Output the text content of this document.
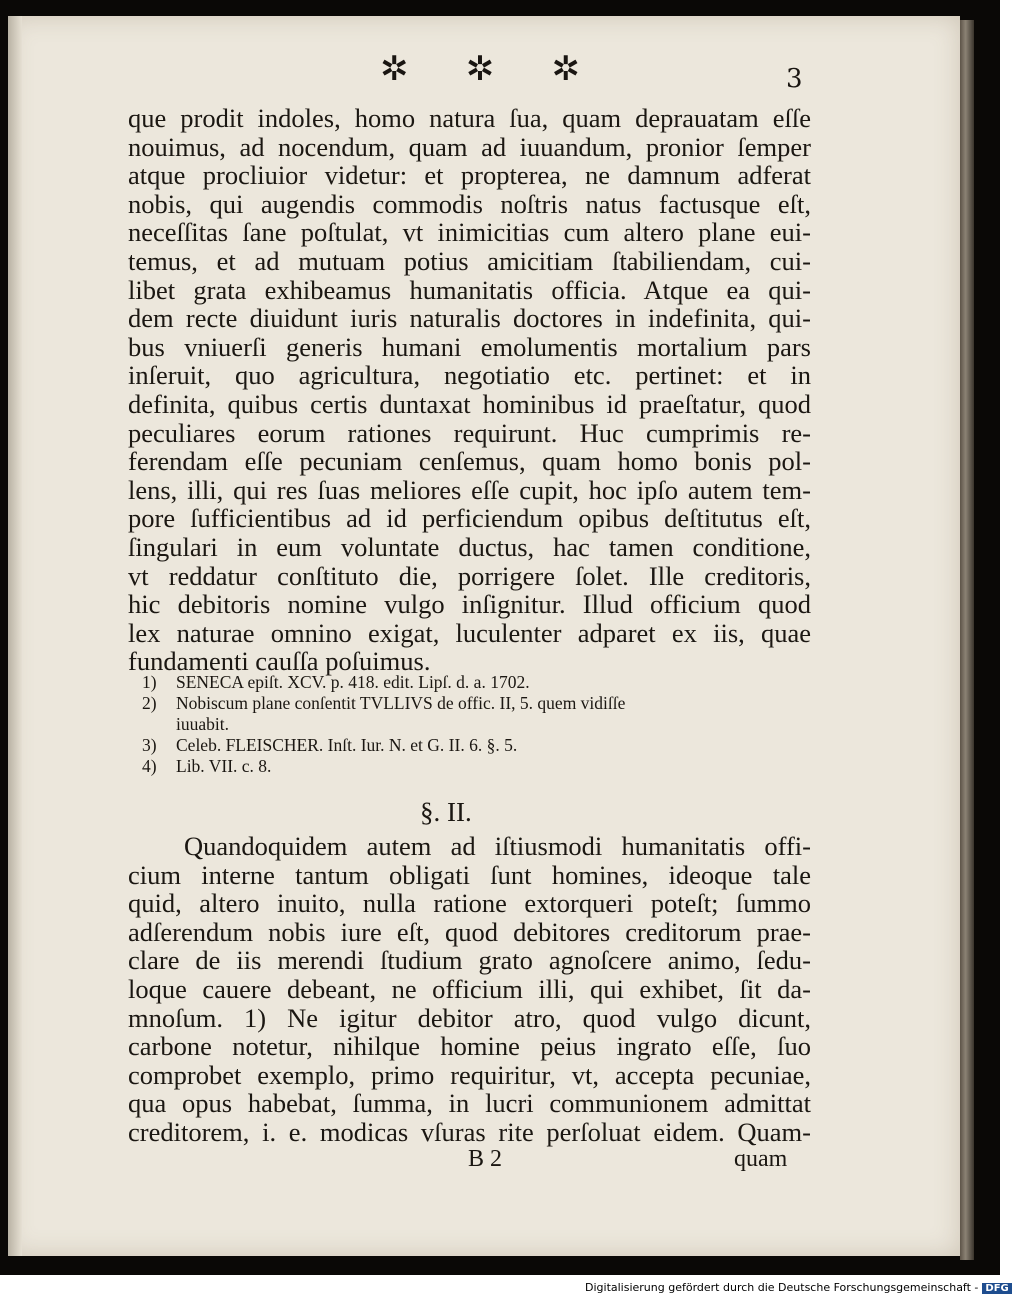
✲ ✲ ✲	3
que prodit indoles, homo natura ſua, quam deprauatam eſſe
nouimus, ad nocendum, quam ad iuuandum, pronior ſemper
atque procliuior videtur: et propterea, ne damnum adferat
nobis, qui augendis commodis noſtris natus factusque eſt,
neceſſitas ſane poſtulat, vt inimicitias cum altero plane eui-
temus, et ad mutuam potius amicitiam ſtabiliendam, cui-
libet grata exhibeamus humanitatis officia. Atque ea qui-
dem recte diuidunt iuris naturalis doctores in indefinita, qui-
bus vniuerſi generis humani emolumentis mortalium pars
inſeruit, quo agricultura, negotiatio etc. pertinet: et in
definita, quibus certis duntaxat hominibus id praeſtatur, quod
peculiares eorum rationes requirunt. Huc cumprimis re-
ferendam eſſe pecuniam cenſemus, quam homo bonis pol-
lens, illi, qui res ſuas meliores eſſe cupit, hoc ipſo autem tem-
pore ſufficientibus ad id perficiendum opibus deſtitutus eſt,
ſingulari in eum voluntate ductus, hac tamen conditione,
vt reddatur conſtituto die, porrigere ſolet. Ille creditoris,
hic debitoris nomine vulgo inſignitur. Illud officium quod
lex naturae omnino exigat, luculenter adparet ex iis, quae
fundamenti cauſſa poſuimus.
1) SENECA epiſt. XCV. p. 418. edit. Lipſ. d. a. 1702.
2) Nobiscum plane conſentit TVLLIVS de offic. II, 5. quem vidiſſe
iuuabit.
3) Celeb. FLEISCHER. Inſt. Iur. N. et G. II. 6. §. 5.
4) Lib. VII. c. 8.
§. II.
Quandoquidem autem ad iſtiusmodi humanitatis offi-
cium interne tantum obligati ſunt homines, ideoque tale
quid, altero inuito, nulla ratione extorqueri poteſt; ſummo
adſerendum nobis iure eſt, quod debitores creditorum prae-
clare de iis merendi ſtudium grato agnoſcere animo, ſedu-
loque cauere debeant, ne officium illi, qui exhibet, ſit da-
mnoſum. 1) Ne igitur debitor atro, quod vulgo dicunt,
carbone notetur, nihilque homine peius ingrato eſſe, ſuo
comprobet exemplo, primo requiritur, vt, accepta pecuniae,
qua opus habebat, ſumma, in lucri communionem admittat
creditorem, i. e. modicas vſuras rite perſoluat eidem. Quam-
B 2	quam
Digitalisierung gefördert durch die Deutsche Forschungsgemeinschaft - DFG
